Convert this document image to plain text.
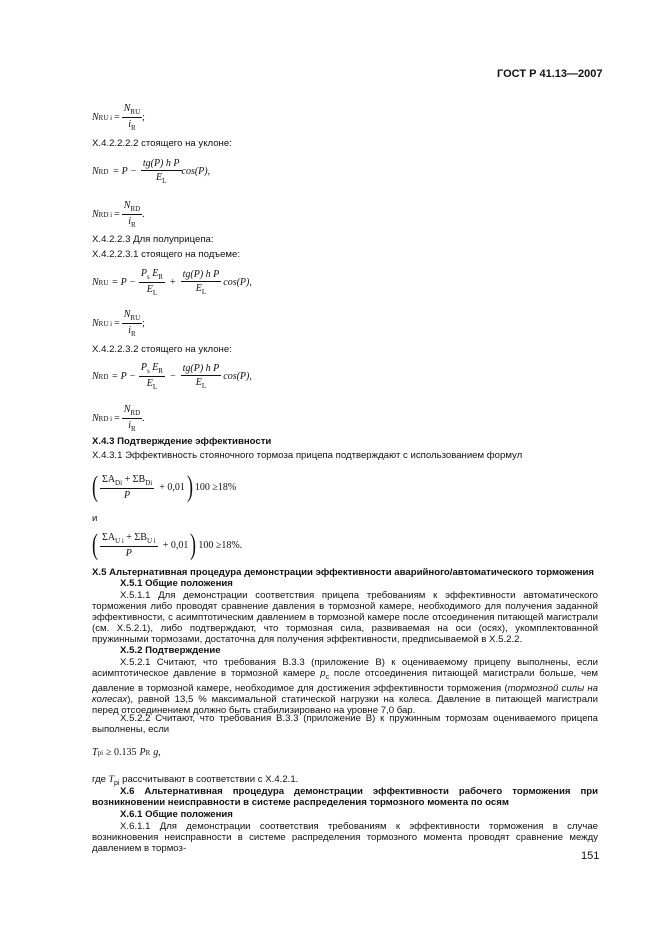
ГОСТ Р 41.13—2007
N RU $i = \frac{N_{RU}}{i_R}$ ;
X.4.2.2.2.2 стоящего на уклоне:
N RD = $P - \frac{\text{tg(P) h P}}{E_L} \cos(P)$,
N RD $i = \frac{N_{RD}}{i_R}$ .
X.4.2.2.3 Для полуприцепа:
X.4.2.2.3.1 стоящего на подъеме:
N RU = $P - \frac{P_s E_R}{E_L} + \frac{\text{tg(P) h P}}{E_L} \cos(P)$,
N RU $i = \frac{N_{RU}}{i_R}$ ;
X.4.2.2.3.2 стоящего на уклоне:
N RD = $P - \frac{P_s E_R}{E_L} - \frac{\text{tg(P) h P}}{E_L} \cos(P)$,
N RD $i = \frac{N_{RD}}{i_R}$ .
X.4.3 Подтверждение эффективности
X.4.3.1 Эффективность стояночного тормоза прицепа подтверждают с использованием формул
( $\frac{\Sigma A_{Di} + \Sigma B_{Di}}{P} + 0,01$ ) 100 ≥18%
и
( $\frac{\Sigma A_{U i} + \Sigma B_{U i}}{P} + 0,01$ ) 100 ≥18%.
X.5 Альтернативная процедура демонстрации эффективности аварийного/автоматического торможения
X.5.1 Общие положения
X.5.1.1 Для демонстрации соответствия прицепа требованиям к эффективности автоматического торможения либо проводят сравнение давления в тормозной камере, необходимого для получения заданной эффективности, с асимптотическим давлением в тормозной камере после отсоединения питающей магистрали (см. X.5.2.1), либо подтверждают, что тормозная сила, развиваемая на оси (осях), укомплектованной пружинными тормозами, достаточна для получения эффективности, предписываемой в X.5.2.2.
X.5.2 Подтверждение
X.5.2.1 Считают, что требования B.3.3 (приложение B) к оцениваемому прицепу выполнены, если асимптотическое давление в тормозной камере $p_c$ после отсоединения питающей магистрали больше, чем давление в тормозной камере, необходимое для достижения эффективности торможения (тормозной силы на колесах), равной 13,5 % максимальной статической нагрузки на колеса. Давление в питающей магистрали перед отсоединением должно быть стабилизировано на уровне 7,0 бар.
X.5.2.2 Считают, что требования B.3.3 (приложение B) к пружинным тормозам оцениваемого прицепа выполнены, если
T pi ≥ 0.135 P R g,
где $T_{pi}$ рассчитывают в соответствии с X.4.2.1.
X.6 Альтернативная процедура демонстрации эффективности рабочего торможения при возникновении неисправности в системе распределения тормозного момента по осям
X.6.1 Общие положения
X.6.1.1 Для демонстрации соответствия требованиям к эффективности торможения в случае возникновения неисправности в системе распределения тормозного момента проводят сравнение между давлением в тормоз-
151
